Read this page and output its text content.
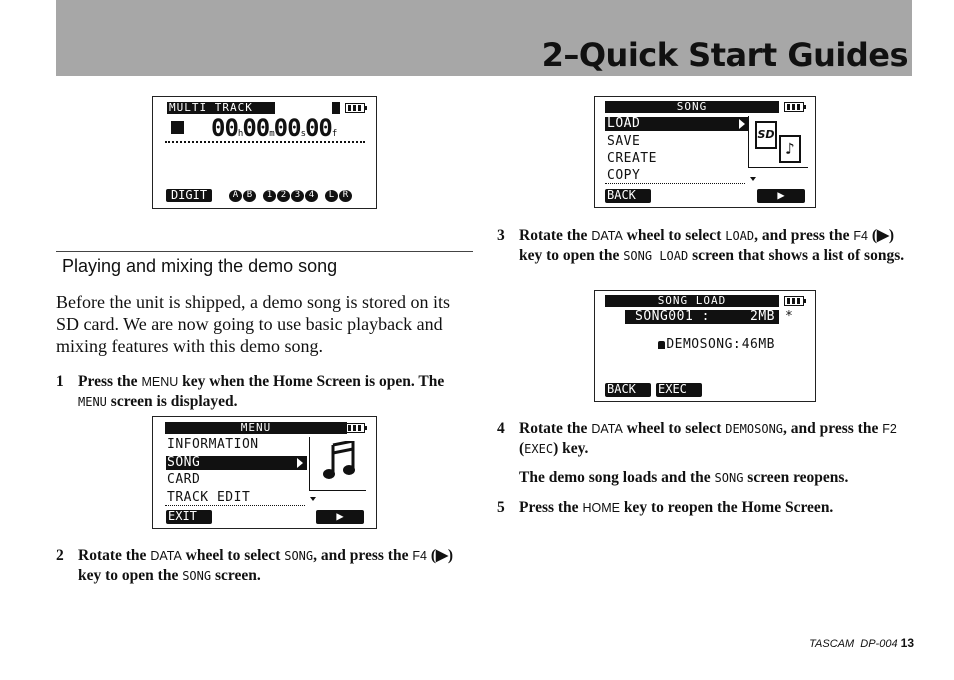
2–Quick Start Guides
MULTI TRACK
00h00m00s00f
DIGIT	A B	1 2 3 4	L R
Playing and mixing the demo song
Before the unit is shipped, a demo song is stored on its SD card. We are now going to use basic playback and mixing features with this demo song.
1 Press the MENU key when the Home Screen is open. The MENU screen is displayed.
MENU
INFORMATION
SONG
CARD
TRACK EDIT
EXIT	▶
2 Rotate the DATA wheel to select SONG, and press the F4 (▶) key to open the SONG screen.
SONG
LOAD
SAVE
CREATE
COPY
SD
♪
BACK	▶
3 Rotate the DATA wheel to select LOAD, and press the F4 (▶) key to open the SONG LOAD screen that shows a list of songs.
SONG LOAD
SONG001 :	2MB *

DEMOSONG: 46MB

BACK	EXEC
4 Rotate the DATA wheel to select DEMOSONG, and press the F2 (EXEC) key.
The demo song loads and the SONG screen reopens.
5 Press the HOME key to reopen the Home Screen.
TASCAM  DP-004 13
